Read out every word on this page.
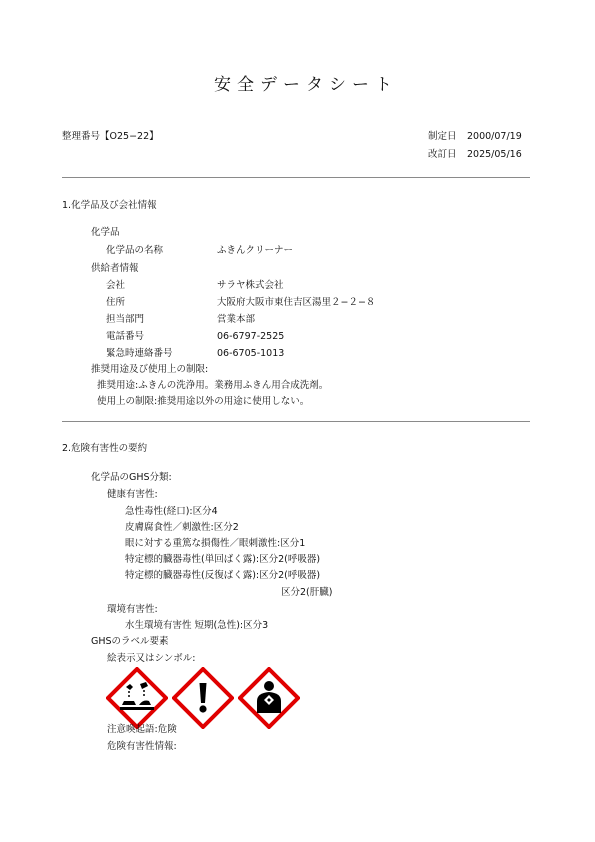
安全データシート
整理番号【O25−22】	制定日 2000/07/19
改訂日 2025/05/16
1.化学品及び会社情報
化学品
化学品の名称	ふきんクリーナー
供給者情報
会社	サラヤ株式会社
住所	大阪府大阪市東住吉区湯里２−２−８
担当部門	営業本部
電話番号	06-6797-2525
緊急時連絡番号	06-6705-1013
推奨用途及び使用上の制限:
推奨用途:ふきんの洗浄用。業務用ふきん用合成洗剤。
使用上の制限:推奨用途以外の用途に使用しない。
2.危険有害性の要約
化学品のGHS分類:
健康有害性:
急性毒性(経口):区分4
皮膚腐食性／刺激性:区分2
眼に対する重篤な損傷性／眼刺激性:区分1
特定標的臓器毒性(単回ばく露):区分2(呼吸器)
特定標的臓器毒性(反復ばく露):区分2(呼吸器)
区分2(肝臓)
環境有害性:
水生環境有害性 短期(急性):区分3
GHSのラベル要素
絵表示又はシンボル:
注意喚起語:危険
危険有害性情報:
